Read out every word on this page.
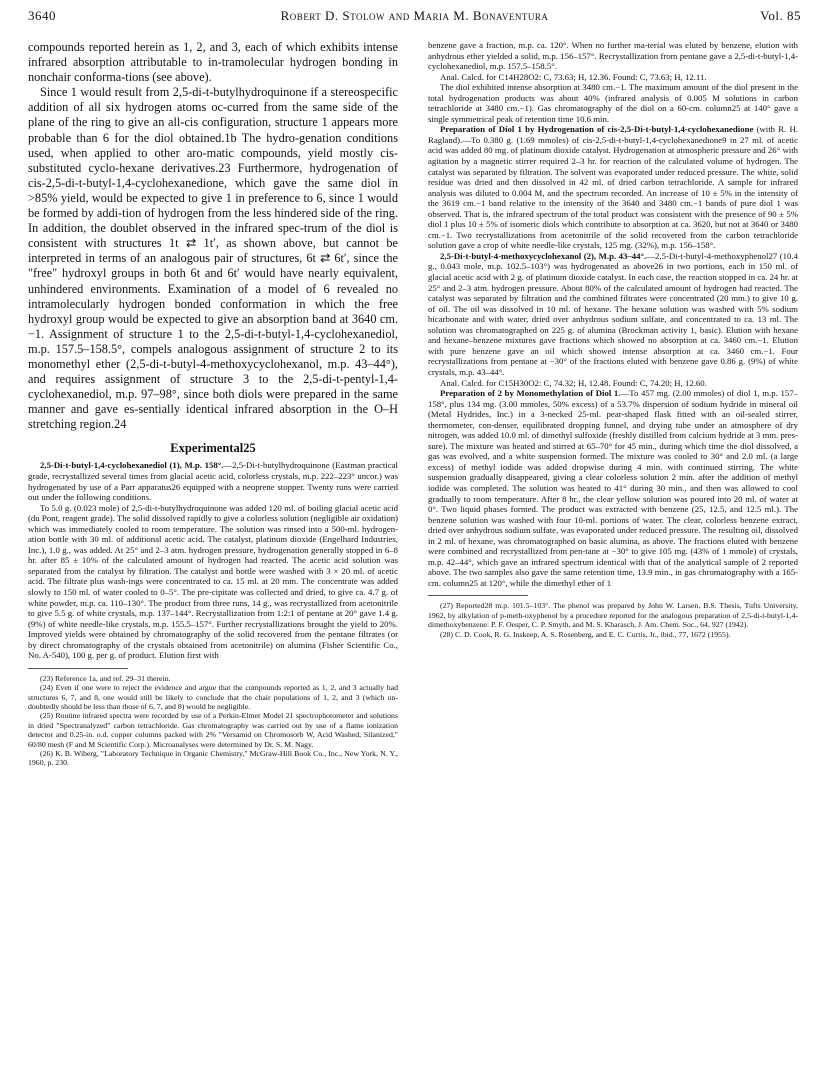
3640	Robert D. Stolow and Maria M. Bonaventura	Vol. 85

compounds reported herein as 1, 2, and 3, each of which exhibits intense infrared absorption attributable to in-tramolecular hydrogen bonding in nonchair conforma-tions (see above).

Since 1 would result from 2,5-di-t-butylhydroquinone if a stereospecific addition of all six hydrogen atoms oc-curred from the same side of the plane of the ring to give an all-cis configuration, structure 1 appears more probable than 6 for the diol obtained.1b The hydro-genation conditions used, when applied to other aro-matic compounds, yield mostly cis-substituted cyclo-hexane derivatives.23 Furthermore, hydrogenation of cis-2,5-di-t-butyl-1,4-cyclohexanedione, which gave the same diol in >85% yield, would be expected to give 1 in preference to 6, since 1 would be formed by addi-tion of hydrogen from the less hindered side of the ring. In addition, the doublet observed in the infrared spec-trum of the diol is consistent with structures 1t ⇄ 1t′, as shown above, but cannot be interpreted in terms of an analogous pair of structures, 6t ⇄ 6t′, since the "free" hydroxyl groups in both 6t and 6t′ would have nearly equivalent, unhindered environments. Examination of a model of 6 revealed no intramolecularly hydrogen bonded conformation in which the free hydroxyl group would be expected to give an absorption band at 3640 cm.−1. Assignment of structure 1 to the 2,5-di-t-butyl-1,4-cyclohexanediol, m.p. 157.5–158.5°, compels analogous assignment of structure 2 to its monomethyl ether (2,5-di-t-butyl-4-methoxycyclohexanol, m.p. 43–44°), and requires assignment of structure 3 to the 2,5-di-t-pentyl-1,4-cyclohexanediol, m.p. 97–98°, since both diols were prepared in the same manner and gave es-sentially identical infrared absorption in the O–H stretching region.24

Experimental25

2,5-Di-t-butyl-1,4-cyclohexanediol (1), M.p. 158°.—2,5-Di-t-butylhydroquinone (Eastman practical grade, recrystallized several times from glacial acetic acid, colorless crystals, m.p. 222–223° uncor.) was hydrogenated by use of a Parr apparatus26 equipped with a neoprene stopper. Twenty runs were carried out under the following conditions.

To 5.0 g. (0.023 mole) of 2,5-di-t-butylhydroquinone was added 120 ml. of boiling glacial acetic acid (du Pont, reagent grade). The solid dissolved rapidly to give a colorless solution (negligible air oxidation) which was immediately cooled to room temperature. The solution was rinsed into a 500-ml. hydrogen-ation bottle with 30 ml. of additional acetic acid. The catalyst, platinum dioxide (Engelhard Industries, Inc.), 1.0 g., was added. At 25° and 2–3 atm. hydrogen pressure, hydrogenation generally stopped in 6–8 hr. after 85 ± 10% of the calculated amount of hydrogen had reacted. The acetic acid solution was separated from the catalyst by filtration. The catalyst and bottle were washed with 3 × 20 ml. of acetic acid. The filtrate plus wash-ings were concentrated to ca. 15 ml. at 20 mm. The concentrate was added slowly to 150 ml. of water cooled to 0–5°. The pre-cipitate was collected and dried, to give ca. 4.7 g. of white powder, m.p. ca. 110–130°. The product from three runs, 14 g., was recrystallized from acetonitrile to give 5.5 g. of white crystals, m.p. 137–144°. Recrystallization from 1:2:1 of pentane at 20° gave 1.4 g. (9%) of white needle-like crystals, m.p. 155.5–157°. Further recrystallizations brought the yield to 20%. Improved yields were obtained by chromatography of the solid recovered from the pentane filtrates (or by direct chromatography of the crystals obtained from acetonitrile) on alumina (Fisher Scientific Co., No. A-540), 100 g. per g. of product. Elution first with

(23) Reference 1a, and ref. 29–31 therein.

(24) Even if one were to reject the evidence and argue that the compounds reported as 1, 2, and 3 actually had structures 6, 7, and 8, one would still be likely to conclude that the chair populations of 1, 2, and 3 (which un-doubtedly should be less than those of 6, 7, and 8) would be negligible.

(25) Routine infrared spectra were recorded by use of a Perkin-Elmer Model 21 spectrophotometer and solutions in dried "Spectranalyzed" carbon tetrachloride. Gas chromatography was carried out by use of a flame ionization detector and 0.25-in. o.d. copper columns packed with 2% "Versamid on Chromosorb W, Acid Washed, Silanized," 60/80 mesh (F and M Scientific Corp.). Microanalyses were determined by Dr. S. M. Nagy.

(26) K. B. Wiberg, "Laboratory Technique in Organic Chemistry," McGraw-Hill Book Co., Inc., New York, N. Y., 1960, p. 230.

benzene gave a fraction, m.p. ca. 120°. When no further ma-terial was eluted by benzene, elution with anhydrous ether yielded a solid, m.p. 156–157°. Recrystallization from pentane gave a 2,5-di-t-butyl-1,4-cyclohexanediol, m.p. 157.5–158.5°.

Anal. Calcd. for C14H28O2: C, 73.63; H, 12.36. Found: C, 73.63; H, 12.11.

The diol exhibited intense absorption at 3480 cm.−1. The maximum amount of the diol present in the total hydrogenation products was about 40% (infrared analysis of 0.005 M solutions in carbon tetrachloride at 3480 cm.−1). Gas chromatography of the diol on a 60-cm. column25 at 140° gave a single symmetrical peak of retention time 10.6 min.

Preparation of Diol 1 by Hydrogenation of cis-2,5-Di-t-butyl-1,4-cyclohexanedione (with R. H. Ragland).—To 0.380 g. (1.69 mmoles) of cis-2,5-di-t-butyl-1,4-cyclohexanedione9 in 27 ml. of acetic acid was added 80 mg. of platinum dioxide catalyst. Hydrogenation at atmospheric pressure and 26° with agitation by a magnetic stirrer required 2–3 hr. for reaction of the calculated volume of hydrogen. The catalyst was separated by filtration. The solvent was evaporated under reduced pressure. The white, solid residue was dried and then dissolved in 42 ml. of dried carbon tetrachloride. A sample for infrared analysis was diluted to 0.004 M, and the spectrum recorded. An increase of 10 ± 5% in the intensity of the 3619 cm.−1 band relative to the intensity of the 3640 and 3480 cm.−1 bands of pure diol 1 was observed. That is, the infrared spectrum of the total product was consistent with the presence of 90 ± 5% diol 1 plus 10 ± 5% of isomeric diols which contribute to absorption at ca. 3620, but not at 3640 or 3480 cm.−1. Two recrystallizations from acetonitrile of the solid recovered from the carbon tetrachloride solution gave a crop of white needle-like crystals, 125 mg. (32%), m.p. 156–158°.

2,5-Di-t-butyl-4-methoxycyclohexanol (2), M.p. 43–44°.—2,5-Di-t-butyl-4-methoxyphenol27 (10.4 g., 0.043 mole, m.p. 102.5–103°) was hydrogenated as above26 in two portions, each in 150 ml. of glacial acetic acid with 2 g. of platinum dioxide catalyst. In each case, the reaction stopped in ca. 24 hr. at 25° and 2–3 atm. hydrogen pressure. About 80% of the calculated amount of hydrogen had reacted. The catalyst was separated by filtration and the combined filtrates were concentrated (20 mm.) to give 10 g. of oil. The oil was dissolved in 10 ml. of hexane. The hexane solution was washed with 5% sodium bicarbonate and with water, dried over anhydrous sodium sulfate, and concentrated to ca. 13 ml. The solution was chromatographed on 225 g. of alumina (Brockman activity 1, basic). Elution with hexane and hexane–benzene mixtures gave fractions which showed no absorption at ca. 3460 cm.−1. Elution with pure benzene gave an oil which showed intense absorption at ca. 3460 cm.−1. Four recrystallizations from pentane at −30° of the fractions eluted with benzene gave 0.86 g. (9%) of white crystals, m.p. 43–44°.

Anal. Calcd. for C15H30O2: C, 74.32; H, 12.48. Found: C, 74.20; H, 12.60.

Preparation of 2 by Monomethylation of Diol 1.—To 457 mg. (2.00 mmoles) of diol 1, m.p. 157–158°, plus 134 mg. (3.00 mmoles, 50% excess) of a 53.7% dispersion of sodium hydride in mineral oil (Metal Hydrides, Inc.) in a 3-necked 25-ml. pear-shaped flask fitted with an oil-sealed stirrer, thermometer, con-denser, equilibrated dropping funnel, and drying tube under an atmosphere of dry nitrogen, was added 10.0 ml. of dimethyl sulfoxide (freshly distilled from calcium hydride at 3 mm. pres-sure). The mixture was heated and stirred at 65–70° for 45 min., during which time the diol dissolved, a gas was evolved, and a white suspension formed. The mixture was cooled to 30° and 2.0 ml. (a large excess) of methyl iodide was added dropwise during 4 min. with continued stirring. The white suspension gradually disappeared, giving a clear colorless solution 2 min. after the addition of methyl iodide was completed. The solution was heated to 41° during 30 min., and then was allowed to cool gradually to room temperature. After 8 hr., the clear yellow solution was poured into 20 ml. of water at 0°. Two liquid phases formed. The product was extracted with benzene (25, 12.5, and 12.5 ml.). The benzene solution was washed with four 10-ml. portions of water. The clear, colorless benzene extract, dried over anhydrous sodium sulfate, was evaporated under reduced pressure. The resulting oil, dissolved in 2 ml. of hexane, was chromatographed on basic alumina, as above. The fractions eluted with benzene were combined and recrystallized from pen-tane at −30° to give 105 mg. (43% of 1 mmole) of crystals, m.p. 42–44°, which gave an infrared spectrum identical with that of the analytical sample of 2 reported above. The two samples also gave the same retention time, 13.9 min., in gas chromatography with a 165-cm. column25 at 120°, while the dimethyl ether of 1

(27) Reported28 m.p. 101.5–103°. The phenol was prepared by John W. Larsen, B.S. Thesis, Tufts University, 1962, by alkylation of p-meth-oxyphenol by a procedure reported for the analogous preparation of 2,5-di-t-butyl-1,4-dimethoxybenzene: P. F. Oesper, C. P. Smyth, and M. S. Kharasch, J. Am. Chem. Soc., 64, 927 (1942).

(28) C. D. Cook, R. G. Inskeep, A. S. Rosenberg, and E. C. Curtis, Jr., ibid., 77, 1672 (1955).
